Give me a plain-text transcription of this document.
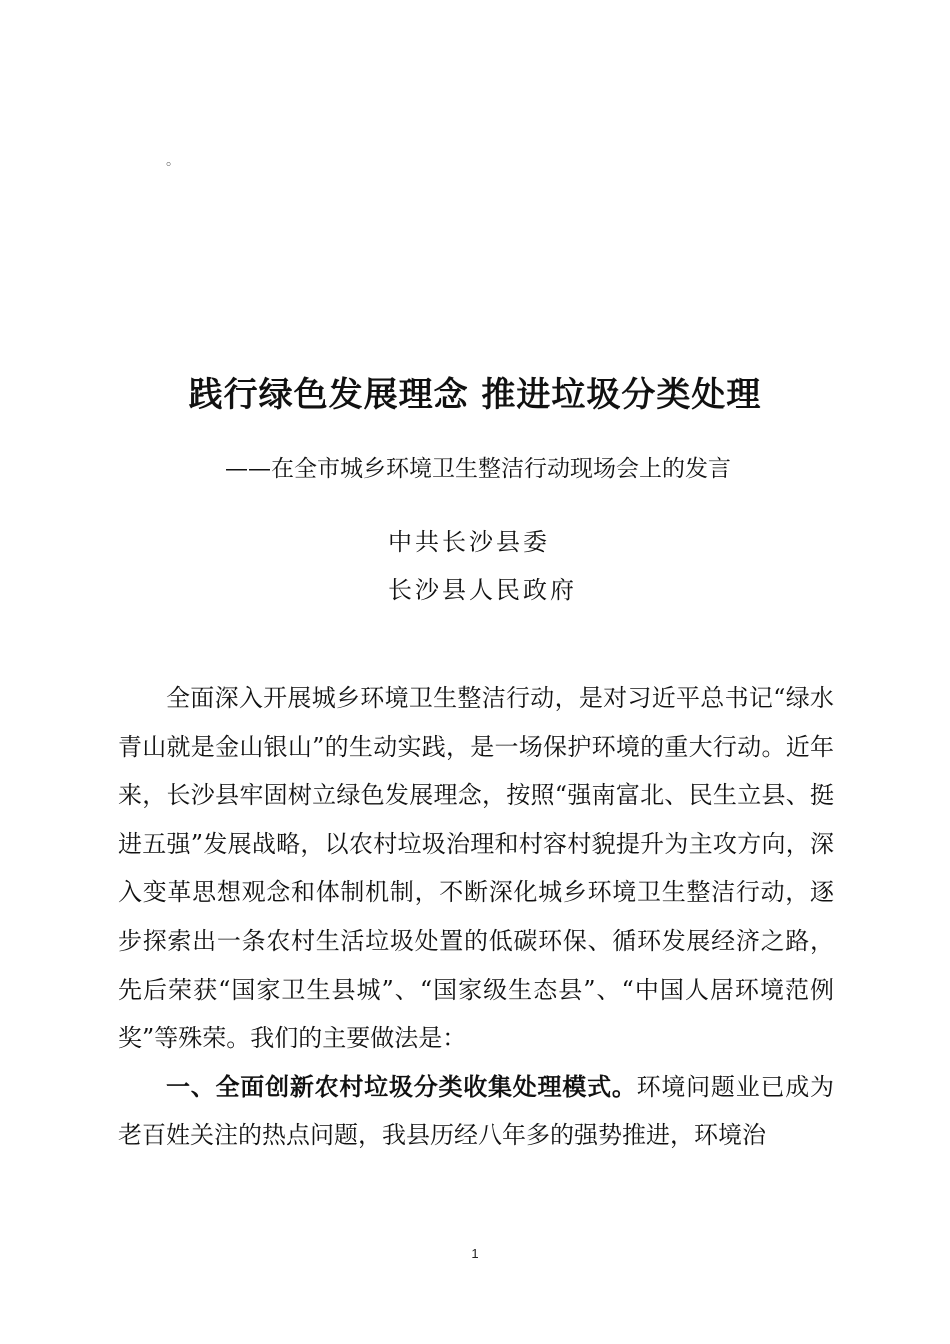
。
践行绿色发展理念 推进垃圾分类处理
——在全市城乡环境卫生整洁行动现场会上的发言
中共长沙县委
长沙县人民政府

全面深入开展城乡环境卫生整洁行动，是对习近平总书记“绿水青山就是金山银山”的生动实践，是一场保护环境的重大行动。近年来，长沙县牢固树立绿色发展理念，按照“强南富北、民生立县、挺进五强”发展战略，以农村垃圾治理和村容村貌提升为主攻方向，深入变革思想观念和体制机制，不断深化城乡环境卫生整洁行动，逐步探索出一条农村生活垃圾处置的低碳环保、循环发展经济之路，先后荣获“国家卫生县城”、“国家级生态县”、“中国人居环境范例奖”等殊荣。我们的主要做法是：

一、全面创新农村垃圾分类收集处理模式。环境问题业已成为老百姓关注的热点问题，我县历经八年多的强势推进，环境治

1
